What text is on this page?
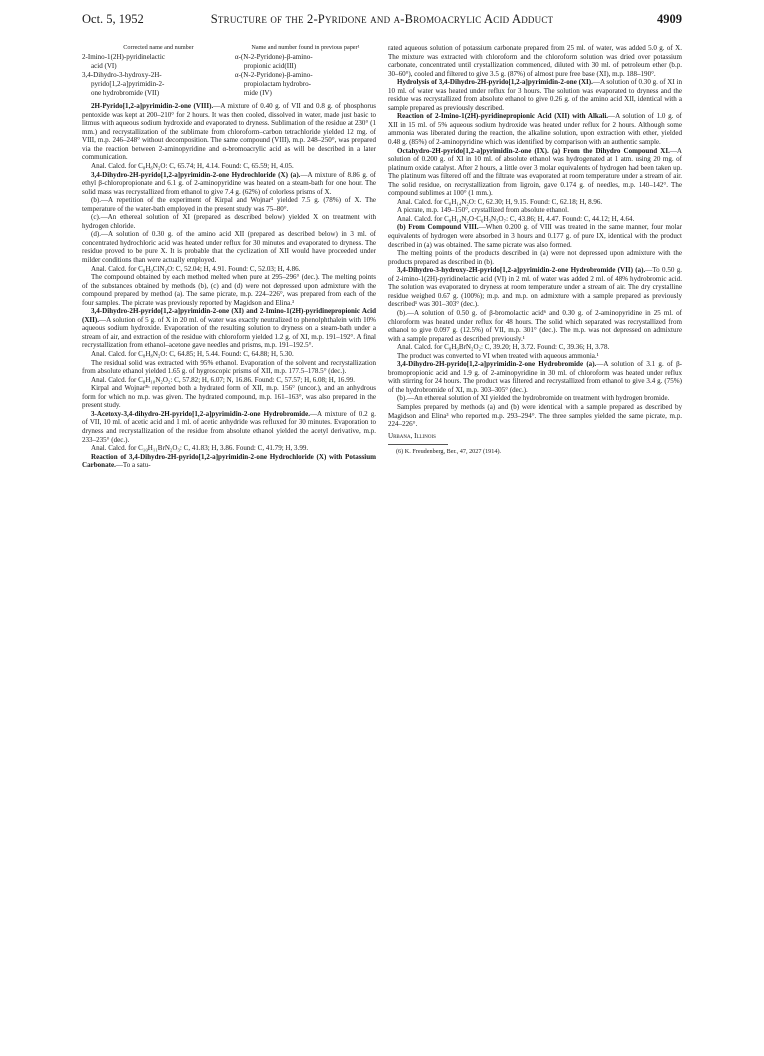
Oct. 5, 1952	Structure of the 2-Pyridone and α-Bromoacrylic Acid Adduct	4909
Corrected name and number	Name and number found in previous paper¹
2-Imino-1(2H)-pyridinelactic
acid (VI)	α-(N-2-Pyridone)-β-amino-
propionic acid(III)

3,4-Dihydro-3-hydroxy-2H-
pyrido[1,2-a]pyrimidin-2-
one hydrobromide (VII)	α-(N-2-Pyridone)-β-amino-
propiolactam hydrobro-
mide (IV)

2H-Pyrido[1,2-a]pyrimidin-2-one (VIII).—A mixture of 0.40 g. of VII and 0.8 g. of phosphorus pentoxide was kept at 200–210° for 2 hours. It was then cooled, dissolved in water, made just basic to litmus with aqueous sodium hydroxide and evaporated to dryness. Sublimation of the residue at 230° (1 mm.) and recrystallization of the sublimate from chloroform–carbon tetrachloride yielded 12 mg. of VIII, m.p. 246–248° without decomposition. The same compound (VIII), m.p. 248–250°, was prepared via the reaction between 2-aminopyridine and α-bromoacrylic acid as will be described in a later communication.

Anal. Calcd. for C₈H₆N₂O: C, 65.74; H, 4.14. Found: C, 65.59; H, 4.05.

3,4-Dihydro-2H-pyrido[1,2-a]pyrimidin-2-one Hydrochloride (X) (a).—A mixture of 8.86 g. of ethyl β-chloropropionate and 6.1 g. of 2-aminopyridine was heated on a steam-bath for one hour. The solid mass was recrystallized from ethanol to give 7.4 g. (62%) of colorless prisms of X.

(b).—A repetition of the experiment of Kirpal and Wojnar³ yielded 7.5 g. (78%) of X. The temperature of the water-bath employed in the present study was 75–80°.

(c).—An ethereal solution of XI (prepared as described below) yielded X on treatment with hydrogen chloride.

(d).—A solution of 0.30 g. of the amino acid XII (prepared as described below) in 3 ml. of concentrated hydrochloric acid was heated under reflux for 30 minutes and evaporated to dryness. The residue proved to be pure X. It is probable that the cyclization of XII would have proceeded under milder conditions than were actually employed.

Anal. Calcd. for C₈H₉ClN₂O: C, 52.04; H, 4.91. Found: C, 52.03; H, 4.86.

The compound obtained by each method melted when pure at 295–296° (dec.). The melting points of the substances obtained by methods (b), (c) and (d) were not depressed upon admixture with the compound prepared by method (a). The same picrate, m.p. 224–226°, was prepared from each of the four samples. The picrate was previously reported by Magidson and Elina.³

3,4-Dihydro-2H-pyrido[1,2-a]pyrimidin-2-one (XI) and 2-Imino-1(2H)-pyridinepropionic Acid (XII).—A solution of 5 g. of X in 20 ml. of water was exactly neutralized to phenolphthalein with 10% aqueous sodium hydroxide. Evaporation of the resulting solution to dryness on a steam-bath under a stream of air, and extraction of the residue with chloroform yielded 1.2 g. of XI, m.p. 191–192°. A final recrystallization from ethanol–acetone gave needles and prisms, m.p. 191–192.5°.

Anal. Calcd. for C₈H₈N₂O: C, 64.85; H, 5.44. Found: C, 64.88; H, 5.30.

The residual solid was extracted with 95% ethanol. Evaporation of the solvent and recrystallization from absolute ethanol yielded 1.65 g. of hygroscopic prisms of XII, m.p. 177.5–178.5° (dec.).

Anal. Calcd. for C₈H₁₀N₂O₂: C, 57.82; H, 6.07; N, 16.86. Found: C, 57.57; H, 6.08; H, 16.99.

Kirpal and Wojnar³ᵇ reported both a hydrated form of XII, m.p. 156° (uncor.), and an anhydrous form for which no m.p. was given. The hydrated compound, m.p. 161–163°, was also prepared in the present study.

3-Acetoxy-3,4-dihydro-2H-pyrido[1,2-a]pyrimidin-2-one Hydrobromide.—A mixture of 0.2 g. of VII, 10 ml. of acetic acid and 1 ml. of acetic anhydride was refluxed for 30 minutes. Evaporation to dryness and recrystallization of the residue from absolute ethanol yielded the acetyl derivative, m.p. 233–235° (dec.).

Anal. Calcd. for C₁₀H₁₁BrN₂O₃: C, 41.83; H, 3.86. Found: C, 41.79; H, 3.99.

Reaction of 3,4-Dihydro-2H-pyrido[1,2-a]pyrimidin-2-one Hydrochloride (X) with Potassium Carbonate.—To a satu-

rated aqueous solution of potassium carbonate prepared from 25 ml. of water, was added 5.0 g. of X. The mixture was extracted with chloroform and the chloroform solution was dried over potassium carbonate, concentrated until crystallization commenced, diluted with 30 ml. of petroleum ether (b.p. 30–60°), cooled and filtered to give 3.5 g. (87%) of almost pure free base (XI), m.p. 188–190°.

Hydrolysis of 3,4-Dihydro-2H-pyrido[1,2-a]pyrimidin-2-one (XI).—A solution of 0.30 g. of XI in 10 ml. of water was heated under reflux for 3 hours. The solution was evaporated to dryness and the residue was recrystallized from absolute ethanol to give 0.26 g. of the amino acid XII, identical with a sample prepared as previously described.

Reaction of 2-Imino-1(2H)-pyridinepropionic Acid (XII) with Alkali.—A solution of 1.0 g. of XII in 15 ml. of 5% aqueous sodium hydroxide was heated under reflux for 2 hours. Although some ammonia was liberated during the reaction, the alkaline solution, upon extraction with ether, yielded 0.48 g. (85%) of 2-aminopyridine which was identified by comparison with an authentic sample.

Octahydro-2H-pyrido[1,2-a]pyrimidin-2-one (IX). (a) From the Dihydro Compound XI.—A solution of 0.200 g. of XI in 10 ml. of absolute ethanol was hydrogenated at 1 atm. using 20 mg. of platinum oxide catalyst. After 2 hours, a little over 3 molar equivalents of hydrogen had been taken up. The platinum was filtered off and the filtrate was evaporated at room temperature under a stream of air. The solid residue, on recrystallization from ligroin, gave 0.174 g. of needles, m.p. 140–142°. The compound sublimes at 100° (1 mm.).

Anal. Calcd. for C₈H₁₄N₂O: C, 62.30; H, 9.15. Found: C, 62.18; H, 8.96.

A picrate, m.p. 149–150°, crystallized from absolute ethanol.

Anal. Calcd. for C₈H₁₄N₂O·C₆H₃N₃O₇: C, 43.86; H, 4.47. Found: C, 44.12; H, 4.64.

(b) From Compound VIII.—When 0.200 g. of VIII was treated in the same manner, four molar equivalents of hydrogen were absorbed in 3 hours and 0.177 g. of pure IX, identical with the product described in (a) was obtained. The same picrate was also formed.

The melting points of the products described in (a) were not depressed upon admixture with the products prepared as described in (b).

3,4-Dihydro-3-hydroxy-2H-pyrido[1,2-a]pyrimidin-2-one Hydrobromide (VII) (a).—To 0.50 g. of 2-imino-1(2H)-pyridinelactic acid (VI) in 2 ml. of water was added 2 ml. of 48% hydrobromic acid. The solution was evaporated to dryness at room temperature under a stream of air. The dry crystalline residue weighed 0.67 g. (100%); m.p. and m.p. on admixture with a sample prepared as previously described¹ was 301–303° (dec.).

(b).—A solution of 0.50 g. of β-bromolactic acid⁶ and 0.30 g. of 2-aminopyridine in 25 ml. of chloroform was heated under reflux for 48 hours. The solid which separated was recrystallized from ethanol to give 0.097 g. (12.5%) of VII, m.p. 301° (dec.). The m.p. was not depressed on admixture with a sample prepared as described previously.¹

Anal. Calcd. for C₈H₉BrN₂O₂: C, 39.20; H, 3.72. Found: C, 39.36; H, 3.78.

The product was converted to VI when treated with aqueous ammonia.¹

3,4-Dihydro-2H-pyrido[1,2-a]pyrimidin-2-one Hydrobromide (a).—A solution of 3.1 g. of β-bromopropionic acid and 1.9 g. of 2-aminopyridine in 30 ml. of chloroform was heated under reflux with stirring for 24 hours. The product was filtered and recrystallized from ethanol to give 3.4 g. (75%) of the hydrobromide of XI, m.p. 303–305° (dec.).

(b).—An ethereal solution of XI yielded the hydrobromide on treatment with hydrogen bromide.

Samples prepared by methods (a) and (b) were identical with a sample prepared as described by Magidson and Elina³ who reported m.p. 293–294°. The three samples yielded the same picrate, m.p. 224–226°.

Urbana, Illinois

(6) K. Freudenberg, Ber., 47, 2027 (1914).
